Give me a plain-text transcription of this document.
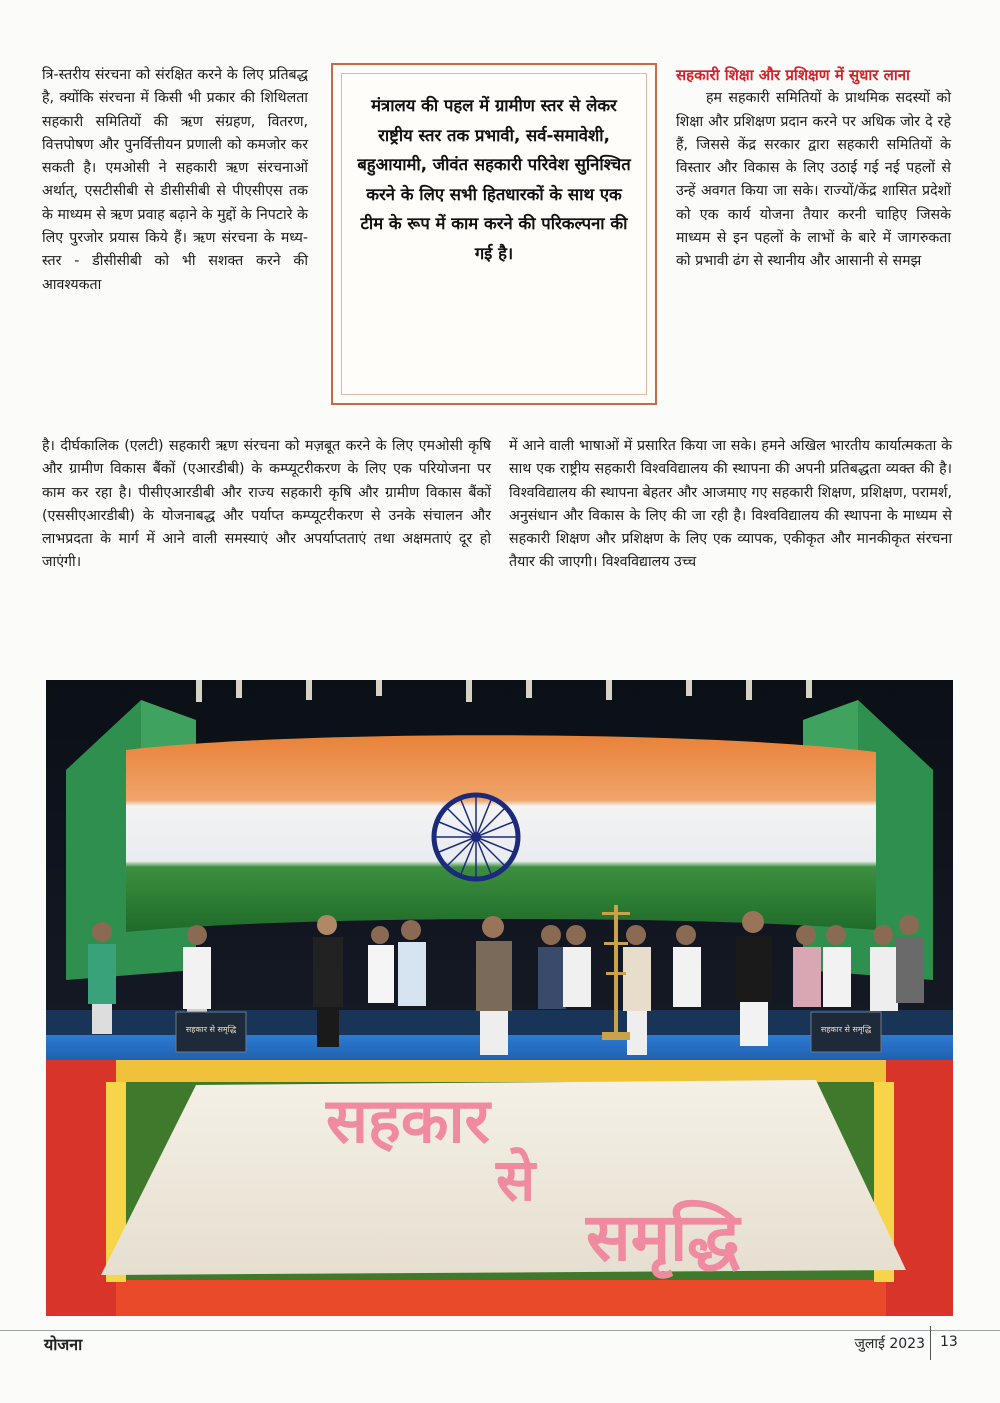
त्रि-स्तरीय संरचना को संरक्षित करने के लिए प्रतिबद्ध है, क्योंकि संरचना में किसी भी प्रकार की शिथिलता सहकारी समितियों की ऋण संग्रहण, वितरण, वित्तपोषण और पुनर्वित्तीयन प्रणाली को कमजोर कर सकती है। एमओसी ने सहकारी ऋण संरचनाओं अर्थात्, एसटीसीबी से डीसीसीबी से पीएसीएस तक के माध्यम से ऋण प्रवाह बढ़ाने के मुद्दों के निपटारे के लिए पुरजोर प्रयास किये हैं। ऋण संरचना के मध्य-स्तर - डीसीसीबी को भी सशक्त करने की आवश्यकता

मंत्रालय की पहल में ग्रामीण स्तर से लेकर राष्ट्रीय स्तर तक प्रभावी, सर्व-समावेशी, बहुआयामी, जीवंत सहकारी परिवेश सुनिश्चित करने के लिए सभी हितधारकों के साथ एक टीम के रूप में काम करने की परिकल्पना की गई है।

सहकारी शिक्षा और प्रशिक्षण में सुधार लाना

हम सहकारी समितियों के प्राथमिक सदस्यों को शिक्षा और प्रशिक्षण प्रदान करने पर अधिक जोर दे रहे हैं, जिससे केंद्र सरकार द्वारा सहकारी समितियों के विस्तार और विकास के लिए उठाई गई नई पहलों से उन्हें अवगत किया जा सके। राज्यों/केंद्र शासित प्रदेशों को एक कार्य योजना तैयार करनी चाहिए जिसके माध्यम से इन पहलों के लाभों के बारे में जागरुकता को प्रभावी ढंग से स्थानीय और आसानी से समझ

है। दीर्घकालिक (एलटी) सहकारी ऋण संरचना को मज़बूत करने के लिए एमओसी कृषि और ग्रामीण विकास बैंकों (एआरडीबी) के कम्प्यूटरीकरण के लिए एक परियोजना पर काम कर रहा है। पीसीएआरडीबी और राज्य सहकारी कृषि और ग्रामीण विकास बैंकों (एससीएआरडीबी) के योजनाबद्ध और पर्याप्त कम्प्यूटरीकरण से उनके संचालन और लाभप्रदता के मार्ग में आने वाली समस्याएं और अपर्याप्तताएं तथा अक्षमताएं दूर हो जाएंगी।
में आने वाली भाषाओं में प्रसारित किया जा सके। हमने अखिल भारतीय कार्यात्मकता के साथ एक राष्ट्रीय सहकारी विश्वविद्यालय की स्थापना की अपनी प्रतिबद्धता व्यक्त की है। विश्वविद्यालय की स्थापना बेहतर और आजमाए गए सहकारी शिक्षण, प्रशिक्षण, परामर्श, अनुसंधान और विकास के लिए की जा रही है। विश्वविद्यालय की स्थापना के माध्यम से सहकारी शिक्षण और प्रशिक्षण के लिए एक व्यापक, एकीकृत और मानकीकृत संरचना तैयार की जाएगी। विश्वविद्यालय उच्च
सहकार से समृद्धि	सहकार से समृद्धि
सहकार
से
समृद्धि
योजना	जुलाई 2023 13
